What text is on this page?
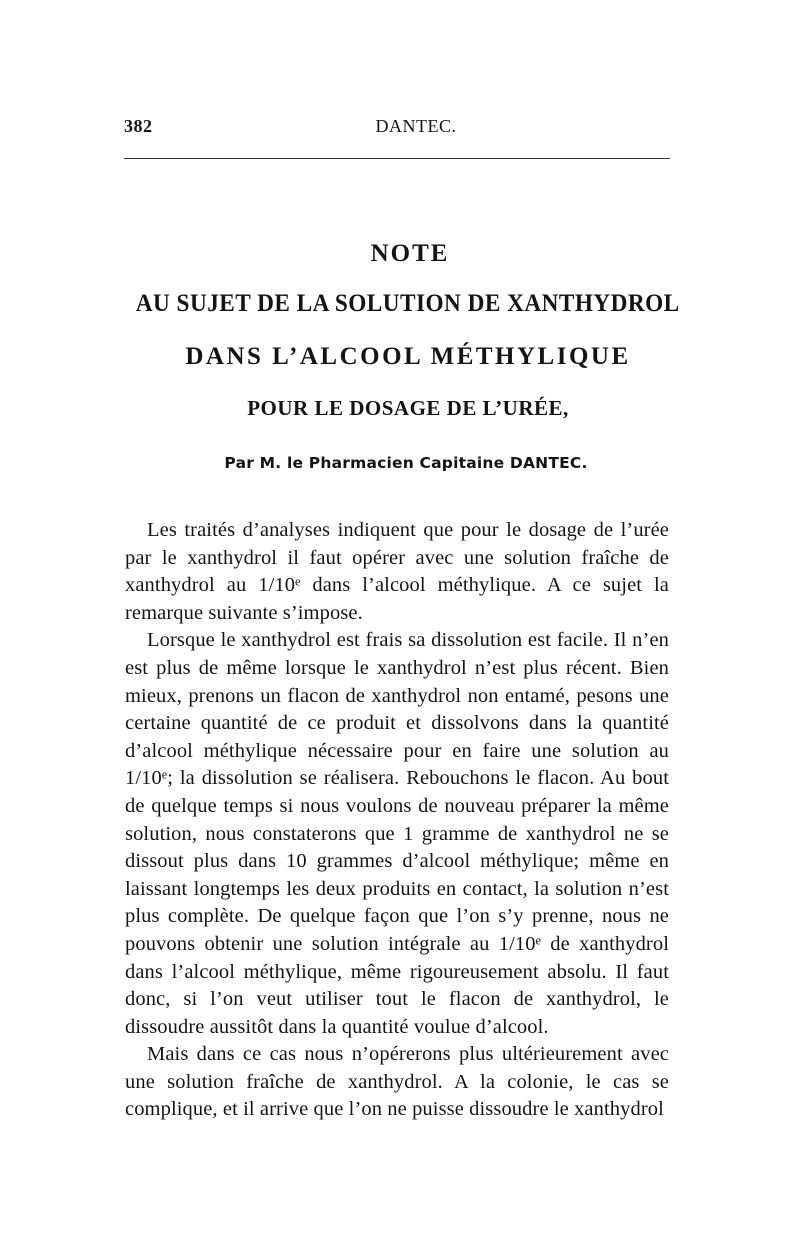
382	DANTEC.
NOTE
AU SUJET DE LA SOLUTION DE XANTHYDROL
DANS L’ALCOOL MÉTHYLIQUE
POUR LE DOSAGE DE L’URÉE,
Par M. le Pharmacien Capitaine DANTEC.

Les traités d’analyses indiquent que pour le dosage de l’urée par le xanthydrol il faut opérer avec une solution fraîche de xanthydrol au 1/10ᵉ dans l’alcool méthylique. A ce sujet la remarque suivante s’impose.

Lorsque le xanthydrol est frais sa dissolution est facile. Il n’en est plus de même lorsque le xanthydrol n’est plus récent. Bien mieux, prenons un flacon de xanthydrol non entamé, pesons une certaine quantité de ce produit et dissolvons dans la quantité d’alcool méthylique nécessaire pour en faire une solution au 1/10ᵉ; la dissolution se réalisera. Rebouchons le flacon. Au bout de quelque temps si nous voulons de nouveau préparer la même solution, nous constaterons que 1 gramme de xanthydrol ne se dissout plus dans 10 grammes d’alcool méthylique; même en laissant longtemps les deux produits en contact, la solution n’est plus complète. De quelque façon que l’on s’y prenne, nous ne pouvons obtenir une solution intégrale au 1/10ᵉ de xanthydrol dans l’alcool méthylique, même rigoureusement absolu. Il faut donc, si l’on veut utiliser tout le flacon de xanthydrol, le dissoudre aussitôt dans la quantité voulue d’alcool.

Mais dans ce cas nous n’opérerons plus ultérieurement avec une solution fraîche de xanthydrol. A la colonie, le cas se complique, et il arrive que l’on ne puisse dissoudre le xanthydrol
